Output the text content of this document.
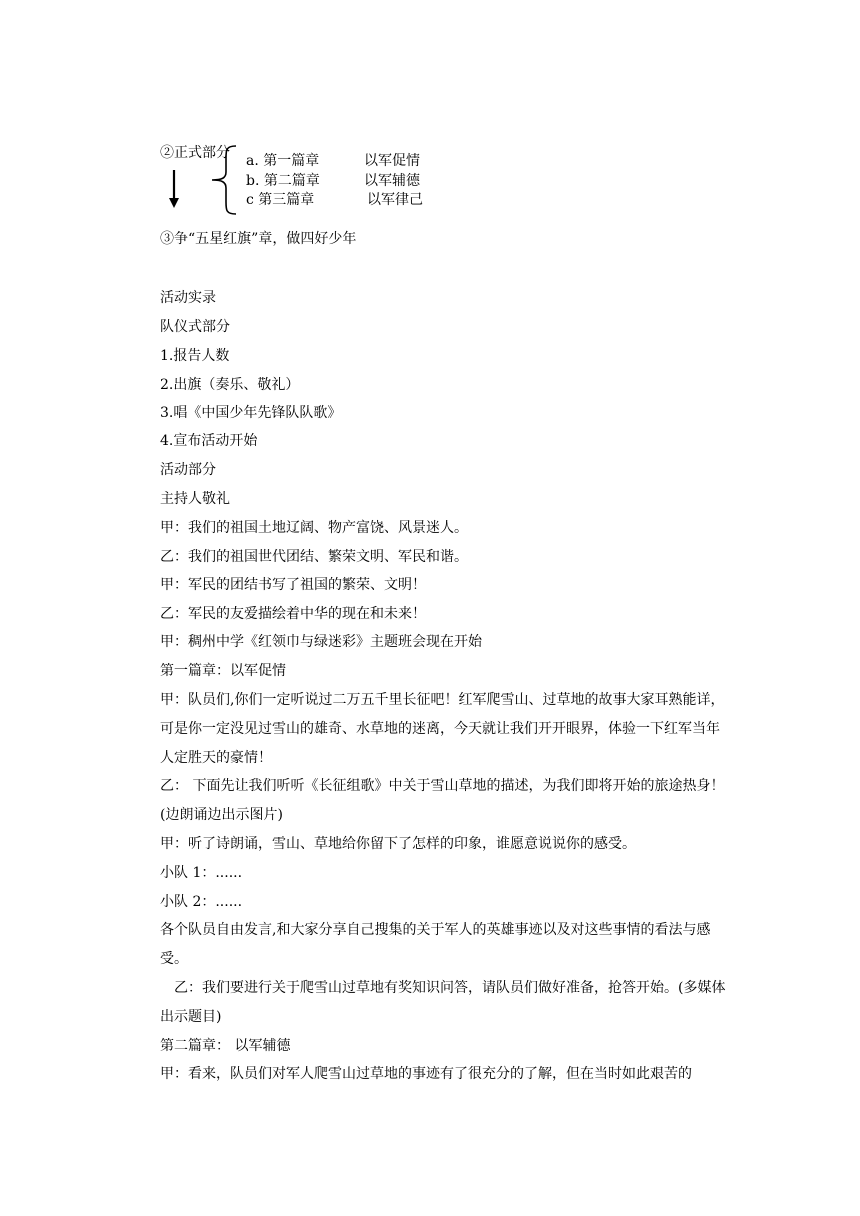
②正式部分 a. 第一篇章	以军促情
b. 第二篇章	以军辅德
c 第三篇章	以军律己
③争“五星红旗”章，做四好少年
活动实录
队仪式部分
1.报告人数
2.出旗（奏乐、敬礼）
3.唱《中国少年先锋队队歌》
4.宣布活动开始
活动部分
主持人敬礼
甲：我们的祖国土地辽阔、物产富饶、风景迷人。
乙：我们的祖国世代团结、繁荣文明、军民和谐。
甲：军民的团结书写了祖国的繁荣、文明！
乙：军民的友爱描绘着中华的现在和未来！
甲：稠州中学《红领巾与绿迷彩》主题班会现在开始
第一篇章：以军促情
甲：队员们,你们一定听说过二万五千里长征吧！红军爬雪山、过草地的故事大家耳熟能详，可是你一定没见过雪山的雄奇、水草地的迷离，今天就让我们开开眼界，体验一下红军当年人定胜天的豪情！
乙： 下面先让我们听听《长征组歌》中关于雪山草地的描述，为我们即将开始的旅途热身！(边朗诵边出示图片)
甲：听了诗朗诵，雪山、草地给你留下了怎样的印象，谁愿意说说你的感受。
小队 1：......
小队 2：......
各个队员自由发言,和大家分享自己搜集的关于军人的英雄事迹以及对这些事情的看法与感受。
乙：我们要进行关于爬雪山过草地有奖知识问答，请队员们做好准备，抢答开始。(多媒体出示题目)
第二篇章： 以军辅德
甲：看来，队员们对军人爬雪山过草地的事迹有了很充分的了解，但在当时如此艰苦的
